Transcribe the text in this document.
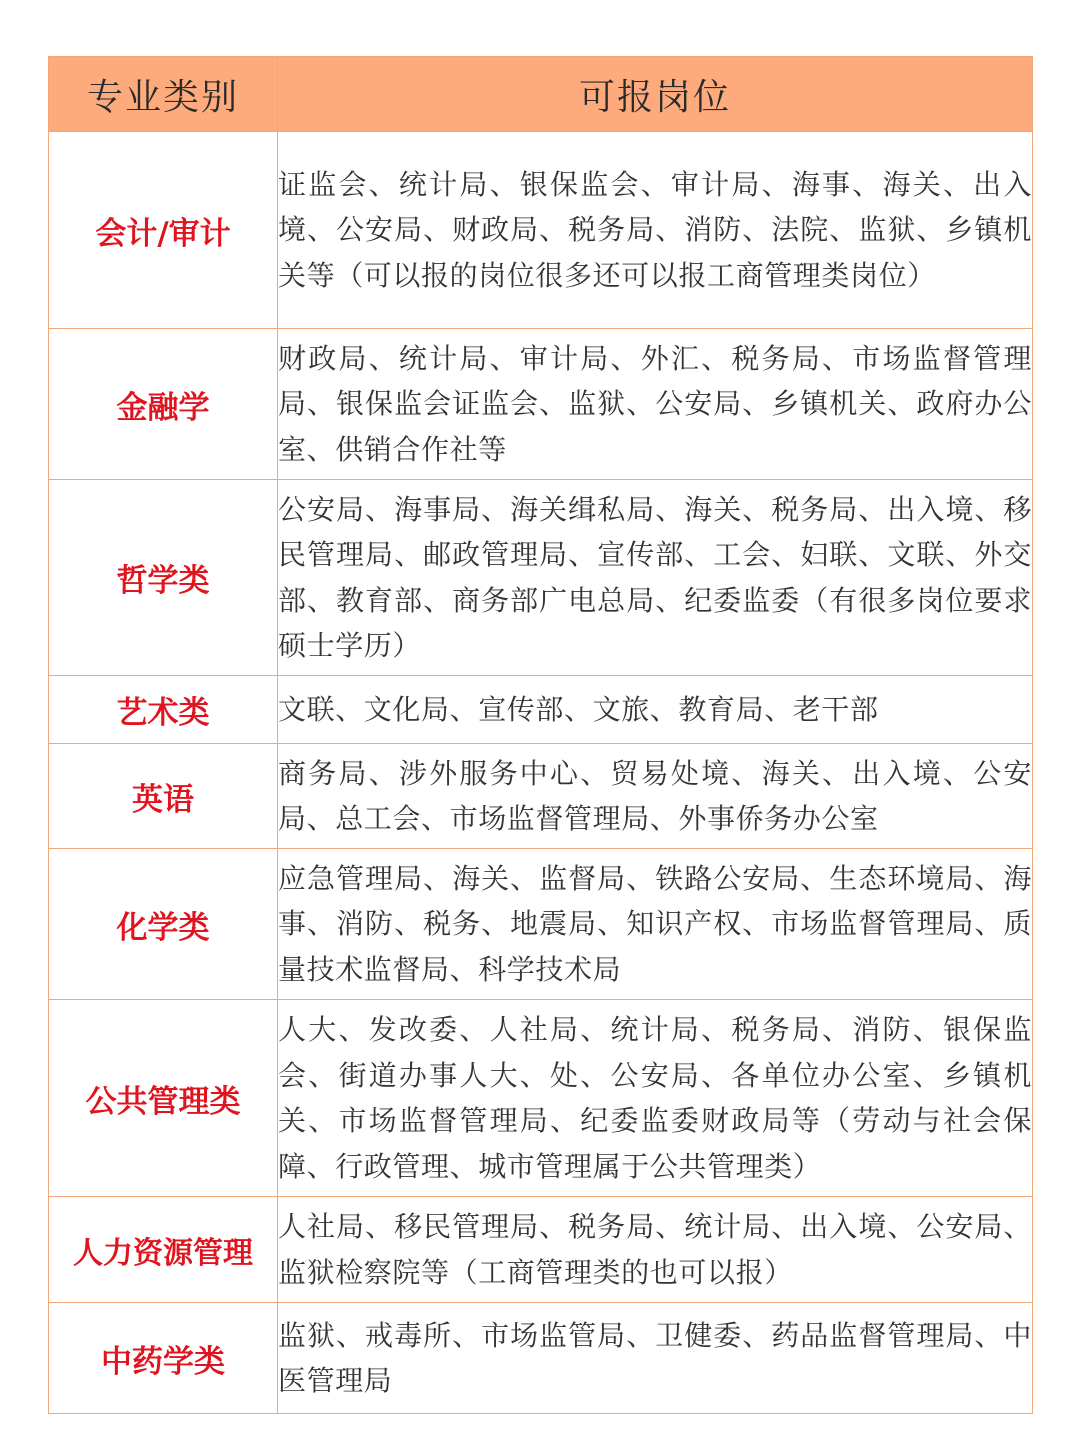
专业类别	可报岗位
会计/审计	证监会、统计局、银保监会、审计局、海事、海关、出入境、公安局、财政局、税务局、消防、法院、监狱、乡镇机关等（可以报的岗位很多还可以报工商管理类岗位）
金融学	财政局、统计局、审计局、外汇、税务局、市场监督管理局、银保监会证监会、监狱、公安局、乡镇机关、政府办公室、供销合作社等
哲学类	公安局、海事局、海关缉私局、海关、税务局、出入境、移民管理局、邮政管理局、宣传部、工会、妇联、文联、外交部、教育部、商务部广电总局、纪委监委（有很多岗位要求硕士学历）
艺术类	文联、文化局、宣传部、文旅、教育局、老干部
英语	商务局、涉外服务中心、贸易处境、海关、出入境、公安局、总工会、市场监督管理局、外事侨务办公室
化学类	应急管理局、海关、监督局、铁路公安局、生态环境局、海事、消防、税务、地震局、知识产权、市场监督管理局、质量技术监督局、科学技术局
公共管理类	人大、发改委、人社局、统计局、税务局、消防、银保监会、街道办事人大、处、公安局、各单位办公室、乡镇机关、市场监督管理局、纪委监委财政局等（劳动与社会保障、行政管理、城市管理属于公共管理类）
人力资源管理	人社局、移民管理局、税务局、统计局、出入境、公安局、监狱检察院等（工商管理类的也可以报）
中药学类	监狱、戒毒所、市场监管局、卫健委、药品监督管理局、中医管理局
